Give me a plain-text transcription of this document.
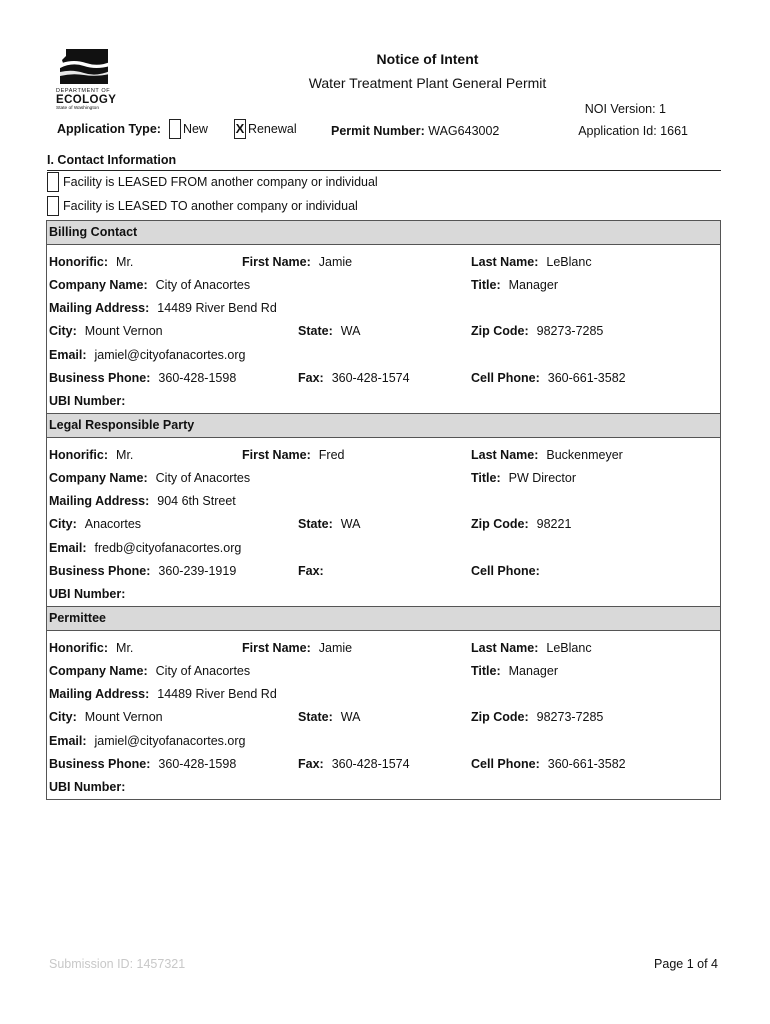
DEPARTMENT OF
ECOLOGY
State of Washington
Notice of Intent
Water Treatment Plant General Permit
NOI Version: 1
Application Id: 1661
Application Type: New X Renewal	Permit Number: WAG643002
I. Contact Information
Facility is LEASED FROM another company or individual
Facility is LEASED TO another company or individual
Billing Contact
Honorific: Mr.	First Name: Jamie	Last Name: LeBlanc
Company Name: City of Anacortes	Title: Manager
Mailing Address: 14489 River Bend Rd
City: Mount Vernon	State: WA	Zip Code: 98273-7285
Email: jamiel@cityofanacortes.org
Business Phone: 360-428-1598	Fax: 360-428-1574	Cell Phone: 360-661-3582
UBI Number:
Legal Responsible Party
Honorific: Mr.	First Name: Fred	Last Name: Buckenmeyer
Company Name: City of Anacortes	Title: PW Director
Mailing Address: 904 6th Street
City: Anacortes	State: WA	Zip Code: 98221
Email: fredb@cityofanacortes.org
Business Phone: 360-239-1919	Fax:	Cell Phone:
UBI Number:
Permittee
Honorific: Mr.	First Name: Jamie	Last Name: LeBlanc
Company Name: City of Anacortes	Title: Manager
Mailing Address: 14489 River Bend Rd
City: Mount Vernon	State: WA	Zip Code: 98273-7285
Email: jamiel@cityofanacortes.org
Business Phone: 360-428-1598	Fax: 360-428-1574	Cell Phone: 360-661-3582
UBI Number:
Submission ID: 1457321	Page 1 of 4
